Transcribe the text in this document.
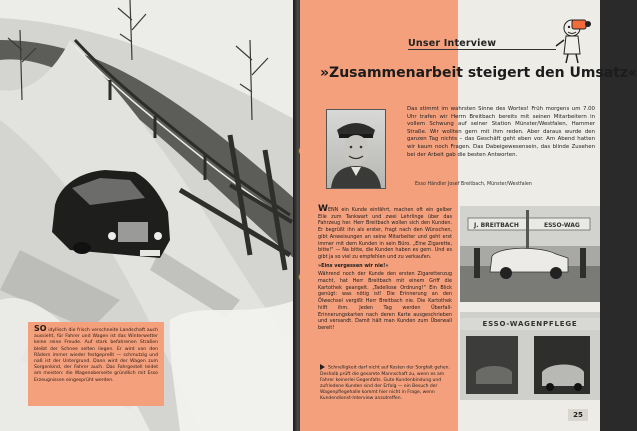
SO idyllisch die frisch verschneite Landschaft auch aussieht, für Fahrer und Wagen ist das Winterwetter keine reine Freude. Auf stark befahrenen Straßen bleibt der Schnee selten liegen. Er wird von den Rädern immer wieder festgepreßt — schmutzig und naß ist der Untergrund. Dann wird der Wagen zum Sorgenkind, der Fahrer auch. Das Fahrgestell leidet am meisten: die Wagenoberseite gründlich mit Esso Erzeugnissen eingesprüht werden.

Unser Interview
»Zusammenarbeit steigert den Umsatz«
Das stimmt im wahrsten Sinne des Wortes! Früh morgens um 7.00 Uhr trafen wir Herrn Breitbach bereits mit seinen Mitarbeitern in vollem Schwung auf seiner Station Münster/Westfalen, Hammer Straße. Wir wollten gern mit ihm reden. Aber daraus wurde den ganzen Tag nichts – das Geschäft geht eben vor. Am Abend hatten wir kaum noch Fragen. Das Dabeigewesensein, das blinde Zusehen bei der Arbeit gab die besten Antworten.
Esso Händler Josef Breitbach, Münster/Westfalen

WENN ein Kunde einfährt, machen oft ein gelber Eile zum Tankwart und zwei Lehrlinge über das Fahrzeug her. Herr Breitbach wollen sich den Kunden. Er begrüßt ihn als erster, fragt nach den Wünschen, gibt Anweisungen an seine Mitarbeiter und geht erst immer mit dem Kunden in sein Büro. „Eine Zigarette, bitte!" — Na bitte, die Kunden haben es gern. Und es gibt ja so viel zu empfehlen und zu verkaufen.

»Eins vergessen wir nie!«

Während noch der Kunde den ersten Zigarettenzug macht, hat Herr Breitbach mit einem Griff die Kartothek geangelt. „Tadellose Ordnung!" Ein Blick genügt: was nötig ist! Die Erinnerung an den Ölwechsel vergißt Herr Breitbach nie. Die Kartothek hilft ihm. Jeden Tag werden Überfall-Erinnerungskarten nach deren Karte ausgeschrieben und versandt. Damit hält man Kunden zum Überwall bereit!

Schnelligkeit darf nicht auf Kosten der Sorgfalt gehen. Deshalb prüft die gesamte Mannschaft zu, wenn es am Fahrer keinerlei Gegenfalts. Gute Kundenbindung und zufriedene Kunden sind der Erfolg — ein Besuch der Wagenpflegehalle kommt hier nicht in Frage, wenn Kundendienst-Interview anzutreffen.
J. BREITBACH	ESSO-WAG
ESSO-WAGENPFLEGE
25
